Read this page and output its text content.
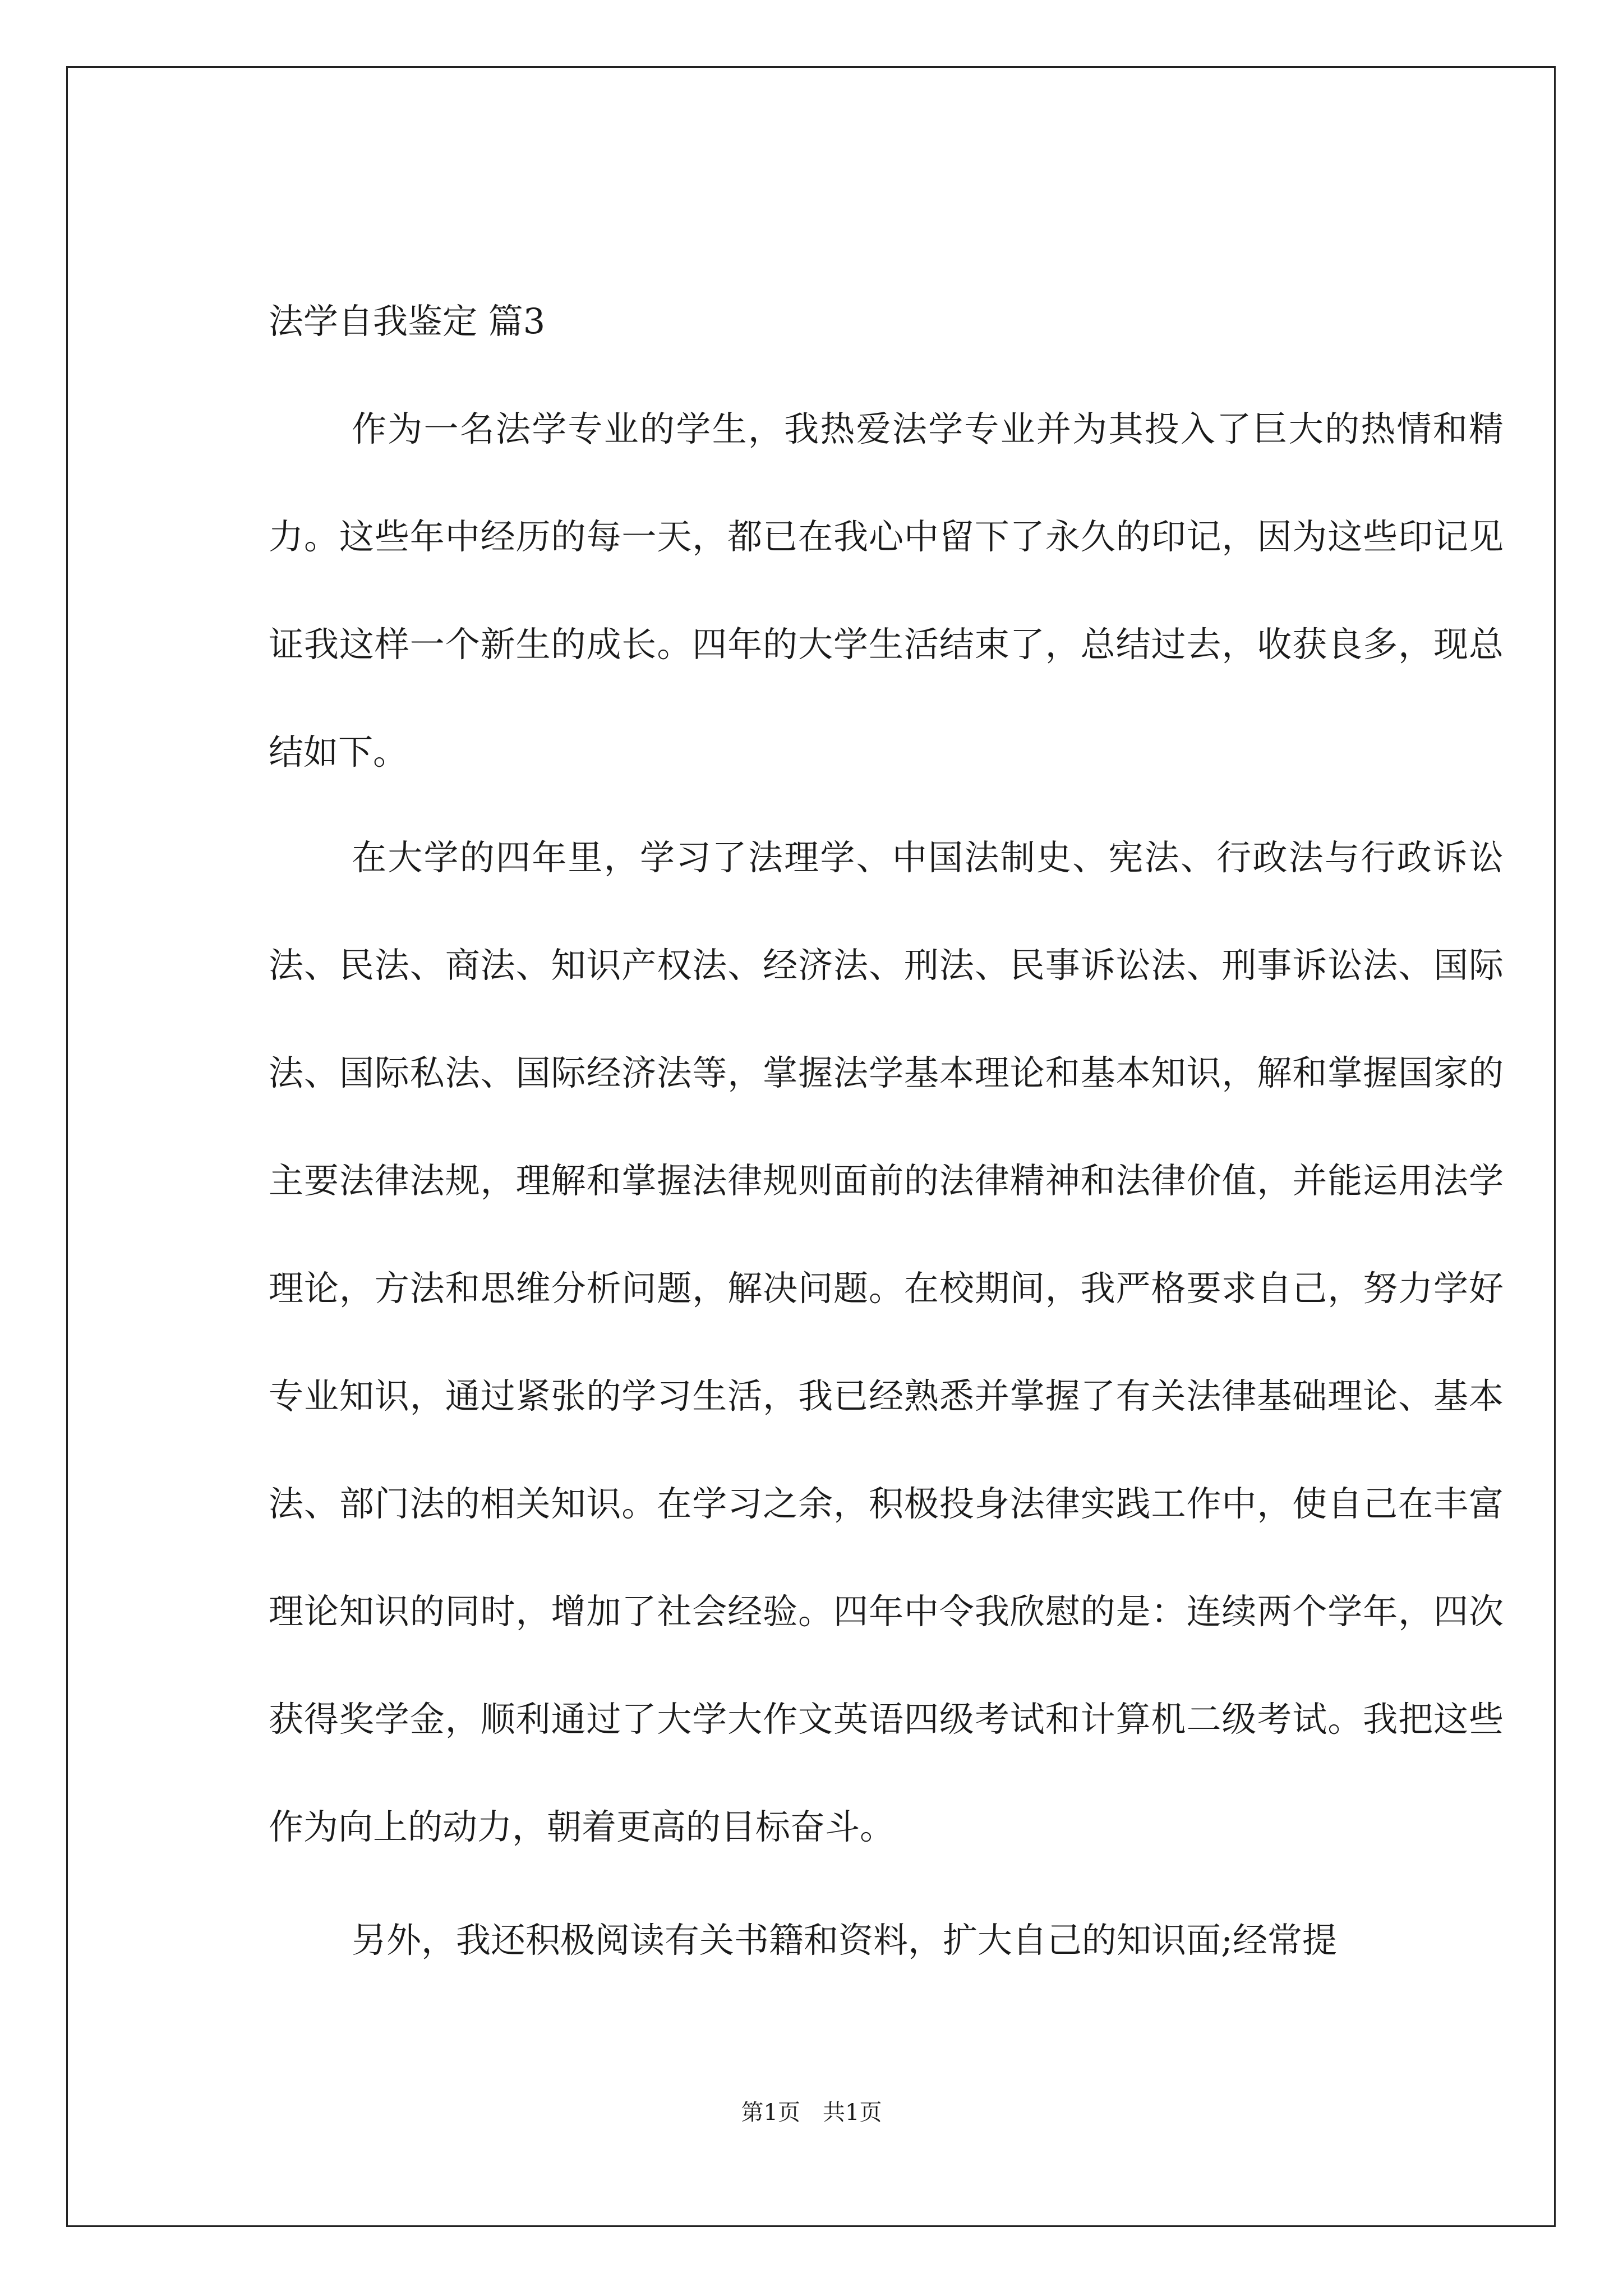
法学自我鉴定 篇3

作为一名法学专业的学生，我热爱法学专业并为其投入了巨大的热情和精力。这些年中经历的每一天，都已在我心中留下了永久的印记，因为这些印记见证我这样一个新生的成长。四年的大学生活结束了，总结过去，收获良多，现总结如下。

在大学的四年里，学习了法理学、中国法制史、宪法、行政法与行政诉讼法、民法、商法、知识产权法、经济法、刑法、民事诉讼法、刑事诉讼法、国际法、国际私法、国际经济法等，掌握法学基本理论和基本知识，解和掌握国家的主要法律法规，理解和掌握法律规则面前的法律精神和法律价值，并能运用法学理论，方法和思维分析问题，解决问题。在校期间，我严格要求自己，努力学好专业知识，通过紧张的学习生活，我已经熟悉并掌握了有关法律基础理论、基本法、部门法的相关知识。在学习之余，积极投身法律实践工作中，使自己在丰富理论知识的同时，增加了社会经验。四年中令我欣慰的是：连续两个学年，四次获得奖学金，顺利通过了大学大作文英语四级考试和计算机二级考试。我把这些作为向上的动力，朝着更高的目标奋斗。

另外，我还积极阅读有关书籍和资料，扩大自己的知识面;经常提

第1页　共1页
